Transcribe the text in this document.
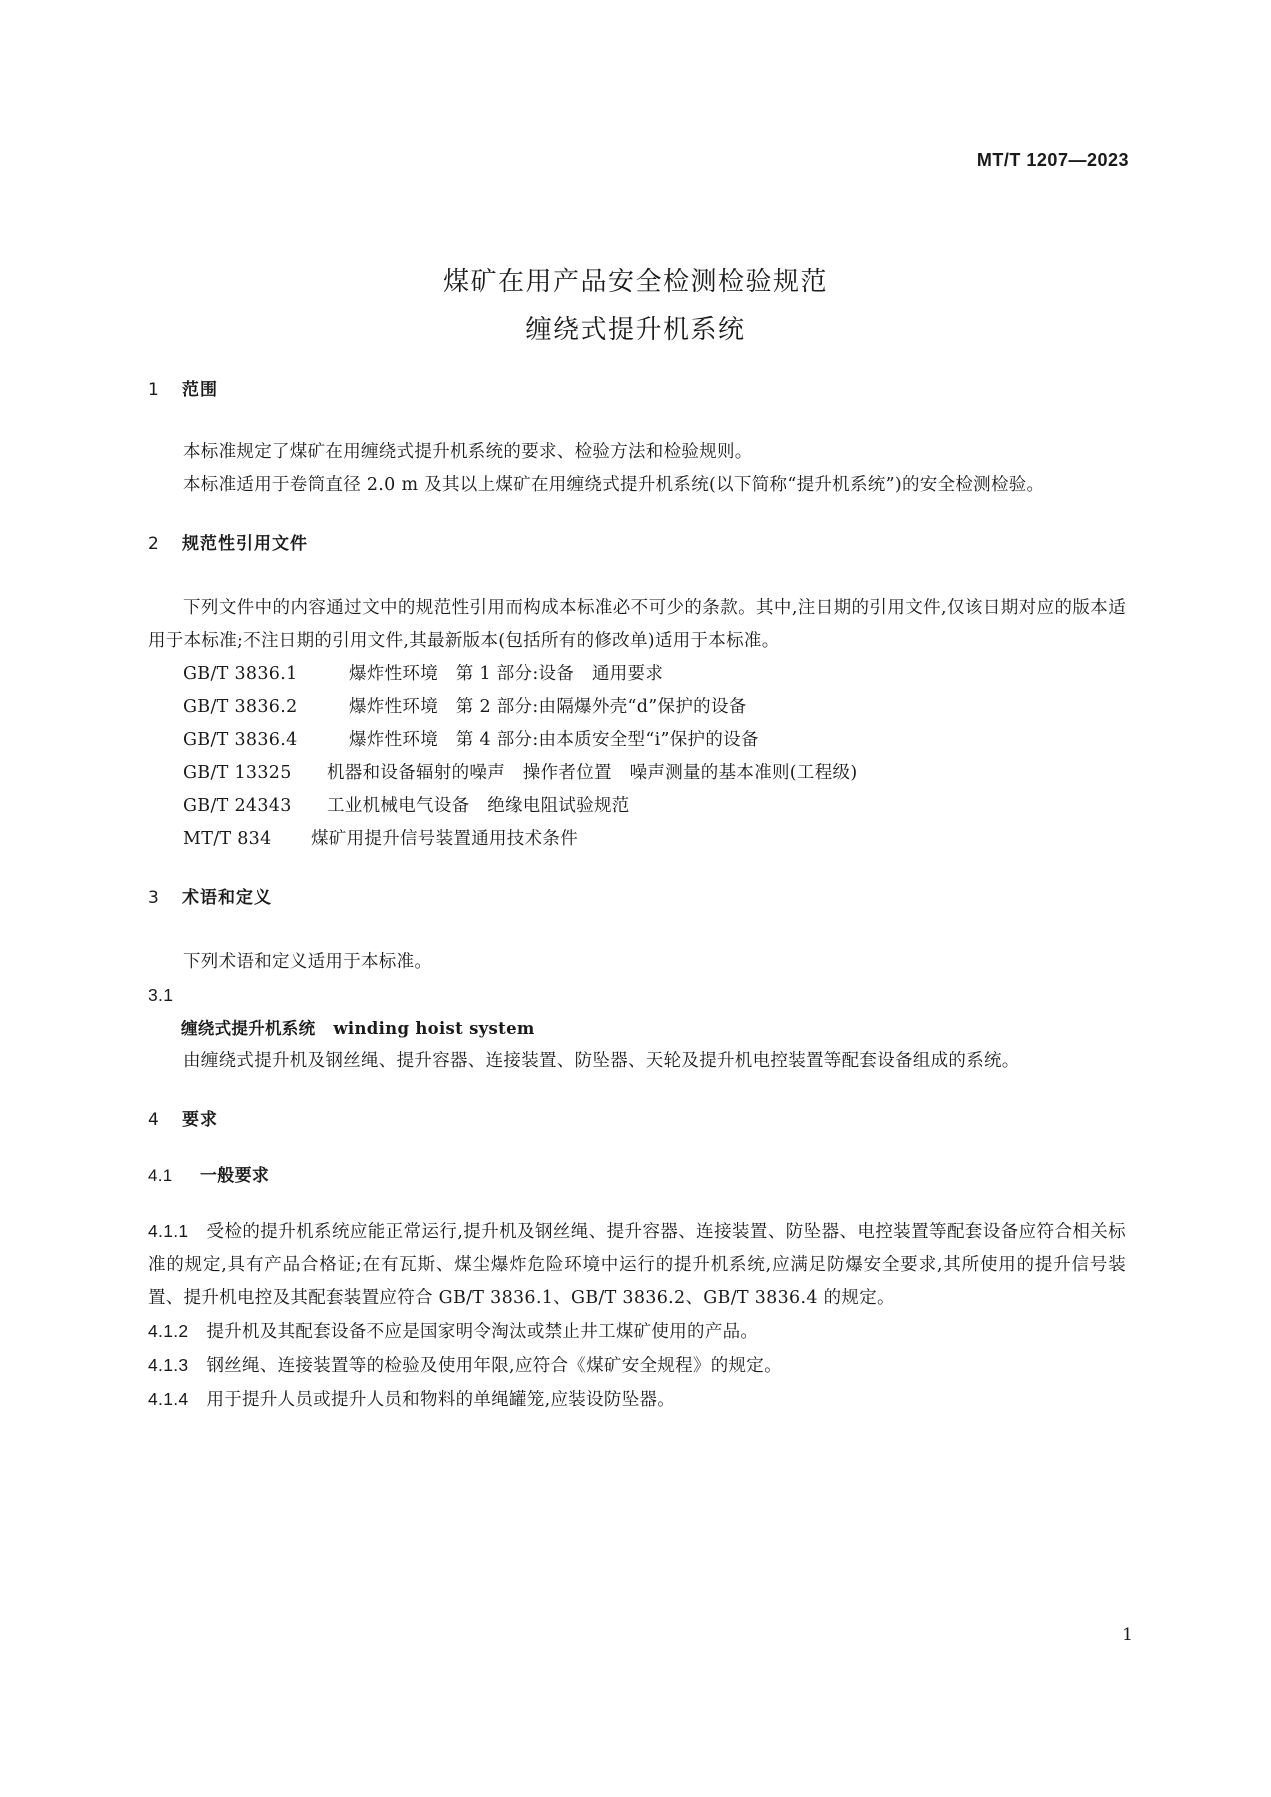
MT/T 1207—2023
煤矿在用产品安全检测检验规范
缠绕式提升机系统
1 范围

本标准规定了煤矿在用缠绕式提升机系统的要求、检验方法和检验规则。

本标准适用于卷筒直径 2.0 m 及其以上煤矿在用缠绕式提升机系统(以下简称“提升机系统”)的安全检测检验。

2 规范性引用文件

下列文件中的内容通过文中的规范性引用而构成本标准必不可少的条款。其中,注日期的引用文件,仅该日期对应的版本适用于本标准;不注日期的引用文件,其最新版本(包括所有的修改单)适用于本标准。

GB/T 3836.1	爆炸性环境　第 1 部分:设备　通用要求
GB/T 3836.2	爆炸性环境　第 2 部分:由隔爆外壳“d”保护的设备
GB/T 3836.4	爆炸性环境　第 4 部分:由本质安全型“i”保护的设备
GB/T 13325	机器和设备辐射的噪声　操作者位置　噪声测量的基本准则(工程级)
GB/T 24343	工业机械电气设备　绝缘电阻试验规范
MT/T 834	煤矿用提升信号装置通用技术条件
3 术语和定义

下列术语和定义适用于本标准。

3.1

缠绕式提升机系统 winding hoist system

由缠绕式提升机及钢丝绳、提升容器、连接装置、防坠器、天轮及提升机电控装置等配套设备组成的系统。

4 要求
4.1 一般要求

4.1.1 受检的提升机系统应能正常运行,提升机及钢丝绳、提升容器、连接装置、防坠器、电控装置等配套设备应符合相关标准的规定,具有产品合格证;在有瓦斯、煤尘爆炸危险环境中运行的提升机系统,应满足防爆安全要求,其所使用的提升信号装置、提升机电控及其配套装置应符合 GB/T 3836.1、GB/T 3836.2、GB/T 3836.4 的规定。

4.1.2 提升机及其配套设备不应是国家明令淘汰或禁止井工煤矿使用的产品。

4.1.3 钢丝绳、连接装置等的检验及使用年限,应符合《煤矿安全规程》的规定。

4.1.4 用于提升人员或提升人员和物料的单绳罐笼,应装设防坠器。

1
